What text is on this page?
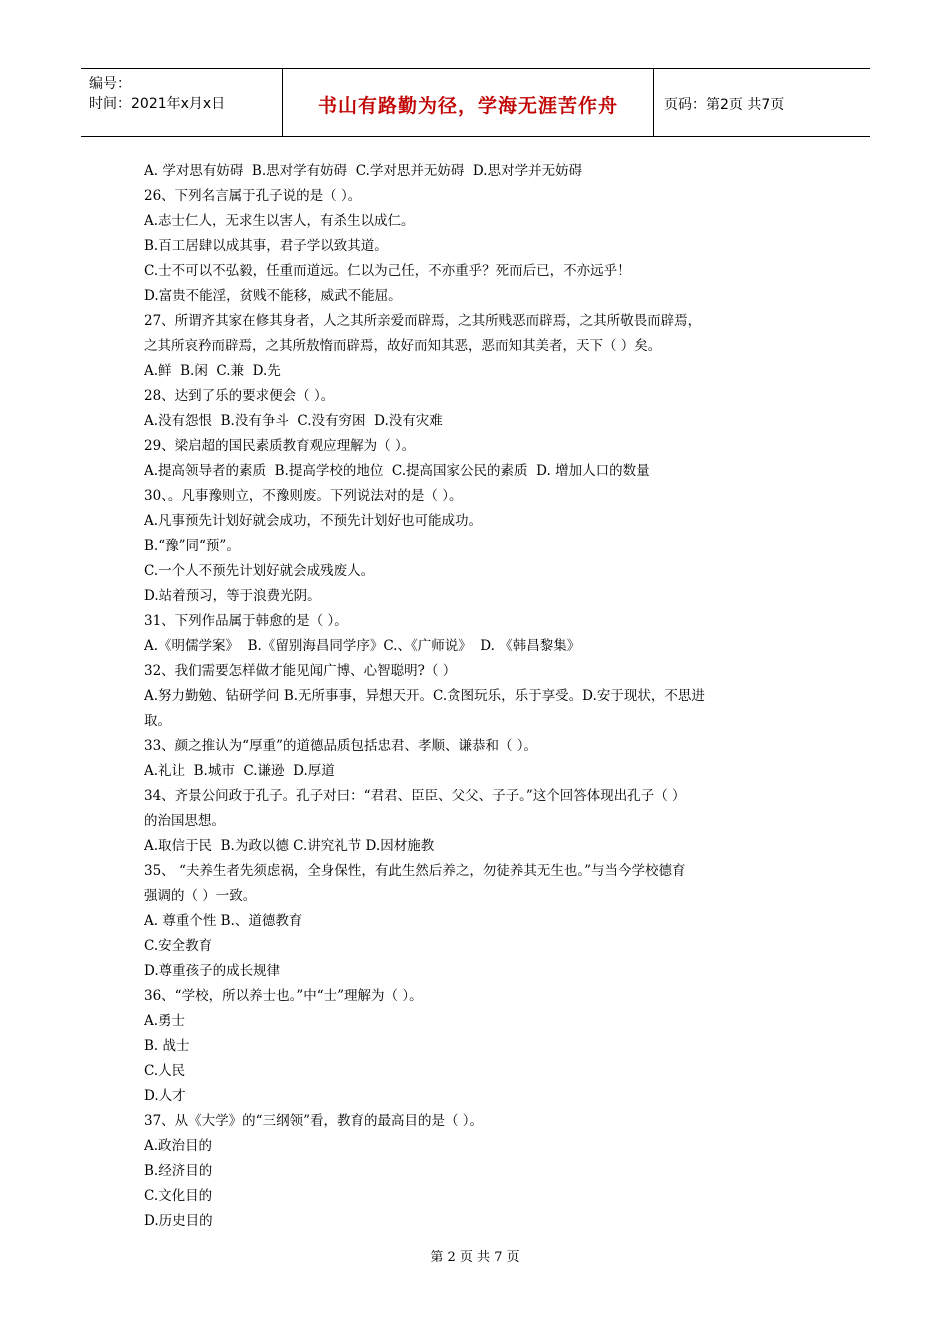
编号：
时间：2021年x月x日	书山有路勤为径，学海无涯苦作舟	页码：第2页 共7页
A. 学对思有妨碍  B.思对学有妨碍  C.学对思并无妨碍  D.思对学并无妨碍
26、下列名言属于孔子说的是（ ）。
A.志士仁人，无求生以害人，有杀生以成仁。
B.百工居肆以成其事，君子学以致其道。
C.士不可以不弘毅，任重而道远。仁以为己任，不亦重乎？死而后已，不亦远乎！
D.富贵不能淫，贫贱不能移，威武不能屈。
27、所谓齐其家在修其身者，人之其所亲爱而辟焉，之其所贱恶而辟焉，之其所敬畏而辟焉，
之其所哀矜而辟焉，之其所敖惰而辟焉，故好而知其恶，恶而知其美者，天下（ ）矣。
A.鲜  B.闲  C.兼  D.先
28、达到了乐的要求便会（ ）。
A.没有怨恨  B.没有争斗  C.没有穷困  D.没有灾难
29、梁启超的国民素质教育观应理解为（ ）。
A.提高领导者的素质  B.提高学校的地位  C.提高国家公民的素质  D. 增加人口的数量
30、。凡事豫则立，不豫则废。下列说法对的是（ ）。
A.凡事预先计划好就会成功，不预先计划好也可能成功。
B.“豫”同“预”。
C.一个人不预先计划好就会成残废人。
D.站着预习，等于浪费光阴。
31、下列作品属于韩愈的是（ ）。
A.《明儒学案》  B.《留别海昌同学序》C.、《广师说》  D. 《韩昌黎集》
32、我们需要怎样做才能见闻广博、心智聪明?（ ）
A.努力勤勉、钻研学问 B.无所事事，异想天开。C.贪图玩乐，乐于享受。D.安于现状，不思进
取。
33、颜之推认为“厚重”的道德品质包括忠君、孝顺、谦恭和（ ）。
A.礼让  B.城市  C.谦逊  D.厚道
34、齐景公问政于孔子。孔子对曰：“君君、臣臣、父父、子子。”这个回答体现出孔子（ ）
的治国思想。
A.取信于民  B.为政以德 C.讲究礼节 D.因材施教
35、 “夫养生者先须虑祸，全身保性，有此生然后养之，勿徒养其无生也。”与当今学校德育
强调的（ ）一致。
A. 尊重个性 B.、道德教育
C.安全教育
D.尊重孩子的成长规律
36、“学校，所以养士也。”中“士”理解为（ ）。
A.勇士
B. 战士
C.人民
D.人才
37、从《大学》的“三纲领”看，教育的最高目的是（ ）。
A.政治目的
B.经济目的
C.文化目的
D.历史目的
第 2 页 共 7 页
